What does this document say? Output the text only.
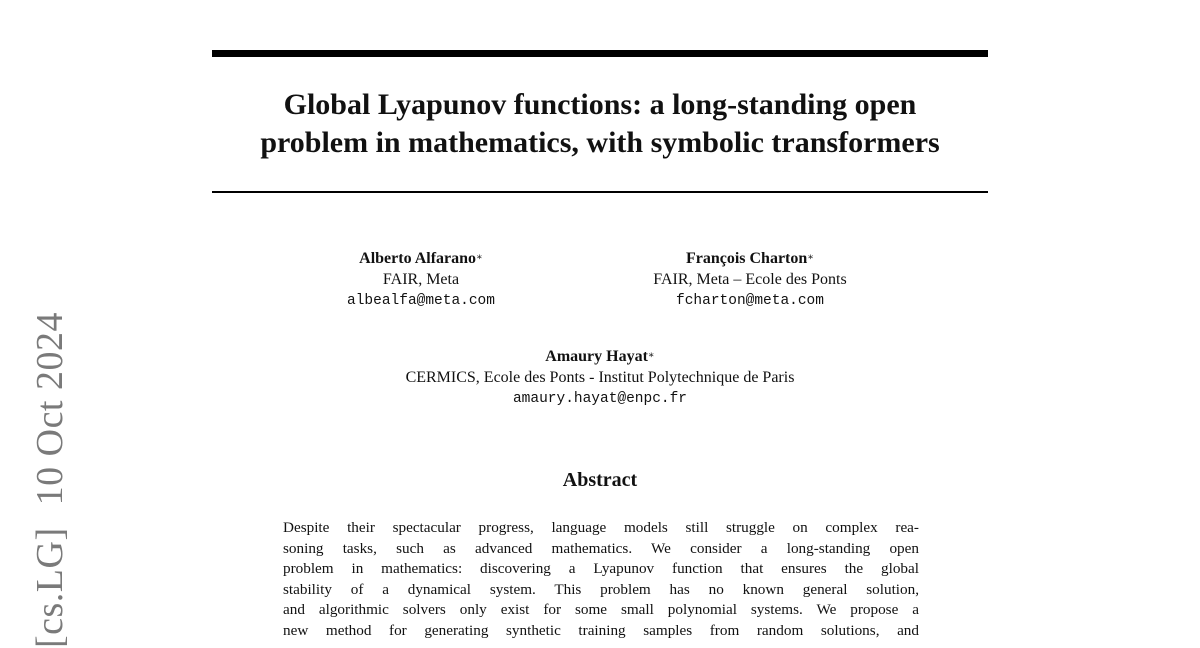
Global Lyapunov functions: a long-standing open
problem in mathematics, with symbolic transformers
Alberto Alfarano∗
FAIR, Meta
albealfa@meta.com
François Charton∗
FAIR, Meta – Ecole des Ponts
fcharton@meta.com
Amaury Hayat∗
CERMICS, Ecole des Ponts - Institut Polytechnique de Paris
amaury.hayat@enpc.fr
Abstract
Despite their spectacular progress, language models still struggle on complex rea-
soning tasks, such as advanced mathematics. We consider a long-standing open
problem in mathematics: discovering a Lyapunov function that ensures the global
stability of a dynamical system. This problem has no known general solution,
and algorithmic solvers only exist for some small polynomial systems. We propose a
new method for generating synthetic training samples from random solutions, and
[cs.LG]10 Oct 2024
